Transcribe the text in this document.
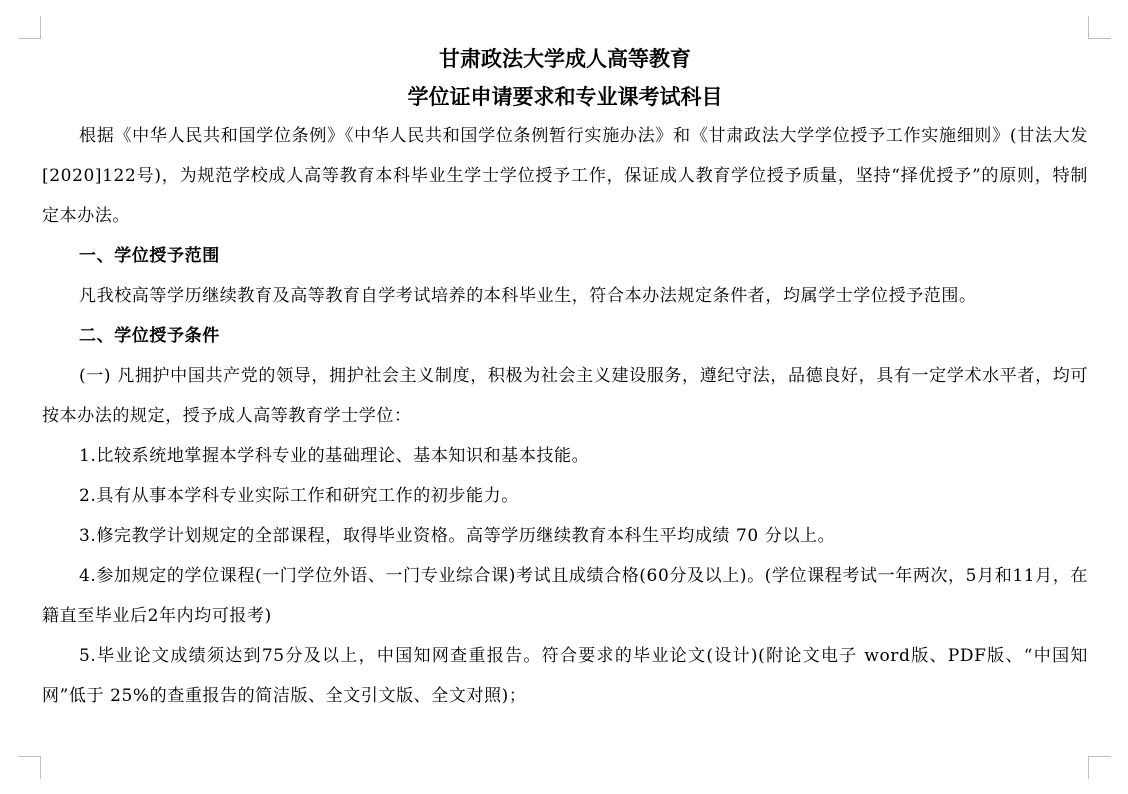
甘肃政法大学成人高等教育

学位证申请要求和专业课考试科目

根据《中华人民共和国学位条例》《中华人民共和国学位条例暂行实施办法》和《甘肃政法大学学位授予工作实施细则》(甘法大发[2020]122号)，为规范学校成人高等教育本科毕业生学士学位授予工作，保证成人教育学位授予质量，坚持“择优授予”的原则，特制定本办法。

一、学位授予范围

凡我校高等学历继续教育及高等教育自学考试培养的本科毕业生，符合本办法规定条件者，均属学士学位授予范围。

二、学位授予条件

(一) 凡拥护中国共产党的领导，拥护社会主义制度，积极为社会主义建设服务，遵纪守法，品德良好，具有一定学术水平者，均可按本办法的规定，授予成人高等教育学士学位：

1.比较系统地掌握本学科专业的基础理论、基本知识和基本技能。

2.具有从事本学科专业实际工作和研究工作的初步能力。

3.修完教学计划规定的全部课程，取得毕业资格。高等学历继续教育本科生平均成绩 70 分以上。

4.参加规定的学位课程(一门学位外语、一门专业综合课)考试且成绩合格(60分及以上)。(学位课程考试一年两次，5月和11月，在籍直至毕业后2年内均可报考)

5.毕业论文成绩须达到75分及以上，中国知网查重报告。符合要求的毕业论文(设计)(附论文电子 word版、PDF版、“中国知网”低于 25%的查重报告的简洁版、全文引文版、全文对照)；
